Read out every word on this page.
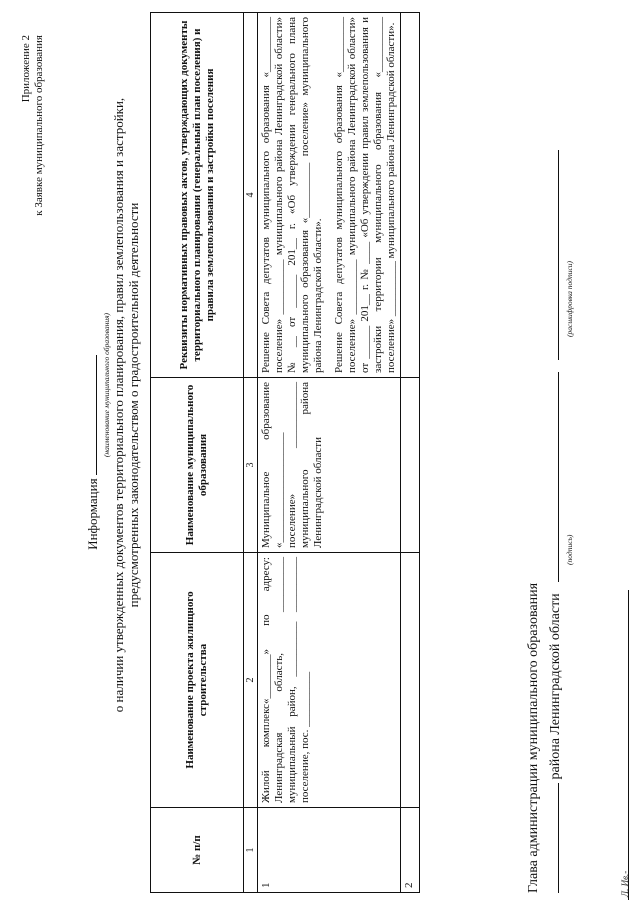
Приложение 2 к Заявке муниципального образования
Информация
(наименование муниципального образования) о наличии утвержденных документов территориального планирования, правил землепользования и застройки, предусмотренных законодательством о градостроительной деятельности
№ п/п	Наименование проекта жилищного строительства	Наименование муниципального образования	Реквизиты нормативных правовых актов, утверждающих документы территориального планирования (генеральный план поселения) и правила землепользования и застройки поселения
1	2	3	4
1	Жилой комплекс«________» по адресу: Ленинградская область, __________ муниципальный район, __________ __________ поселение, пос. __________	Муниципальное образование «____________________ поселение» ____________ муниципального района Ленинградской области	Решение Совета депутатов муниципального образования «__________ поселение» __________ муниципального района Ленинградской области» № __ от ______ 201__ г. «Об утверждении генерального плана муниципального образования «__________ поселение» муниципального района Ленинградской области». Решение Совета депутатов муниципального образования «__________ поселение» __________ муниципального района Ленинградской области» от ______ 201__ г. № ____ «Об утверждении правил землепользования и застройки территории муниципального образования «__________ поселение» __________ муниципального района Ленинградской области».

2				Глава администрации муниципального образования района Ленинградской области
(подпись)
(расшифровка подписи)
Л. Ив.-
